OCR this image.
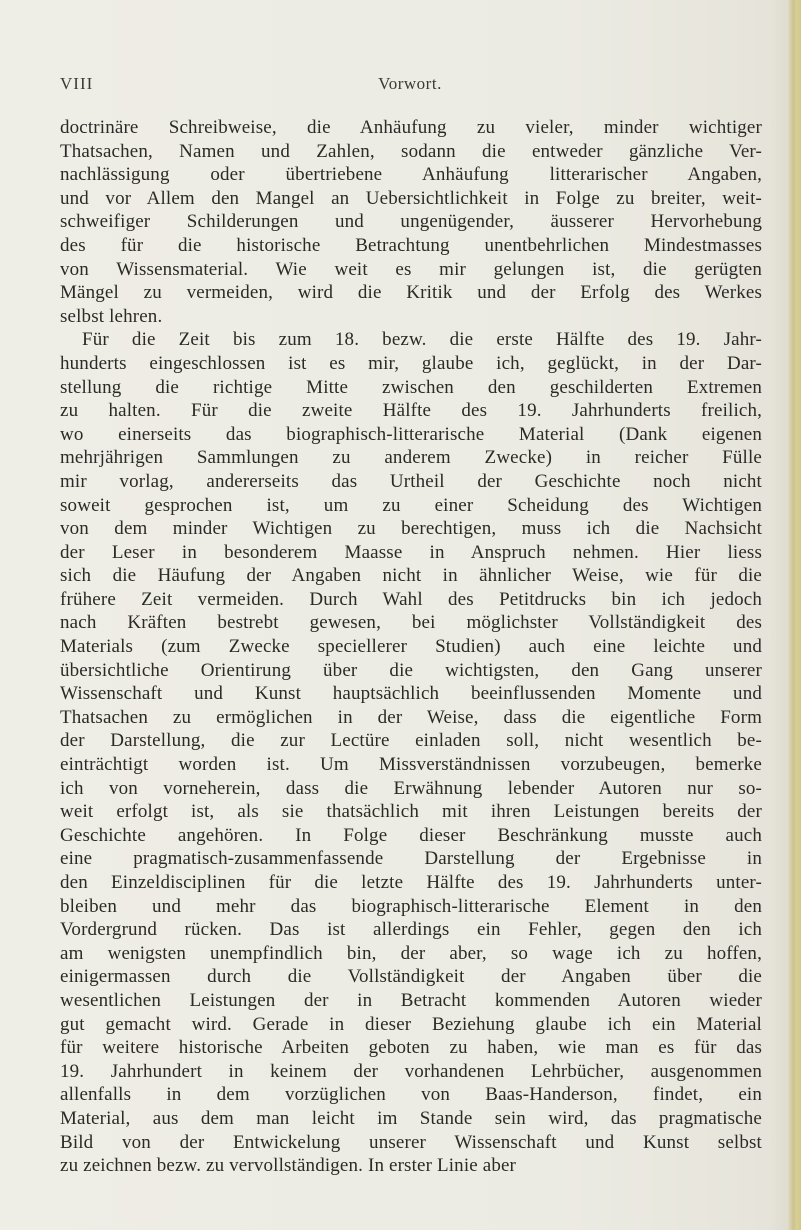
Vorwort.
VIII
doctrinäre Schreibweise, die Anhäufung zu vieler, minder wichtiger
Thatsachen, Namen und Zahlen, sodann die entweder gänzliche Ver-
nachlässigung oder übertriebene Anhäufung litterarischer Angaben,
und vor Allem den Mangel an Uebersichtlichkeit in Folge zu breiter, weit-
schweifiger Schilderungen und ungenügender, äusserer Hervorhebung
des für die historische Betrachtung unentbehrlichen Mindestmasses
von Wissensmaterial. Wie weit es mir gelungen ist, die gerügten
Mängel zu vermeiden, wird die Kritik und der Erfolg des Werkes
selbst lehren.
Für die Zeit bis zum 18. bezw. die erste Hälfte des 19. Jahr-
hunderts eingeschlossen ist es mir, glaube ich, geglückt, in der Dar-
stellung die richtige Mitte zwischen den geschilderten Extremen
zu halten. Für die zweite Hälfte des 19. Jahrhunderts freilich,
wo einerseits das biographisch-litterarische Material (Dank eigenen
mehrjährigen Sammlungen zu anderem Zwecke) in reicher Fülle
mir vorlag, andererseits das Urtheil der Geschichte noch nicht
soweit gesprochen ist, um zu einer Scheidung des Wichtigen
von dem minder Wichtigen zu berechtigen, muss ich die Nachsicht
der Leser in besonderem Maasse in Anspruch nehmen. Hier liess
sich die Häufung der Angaben nicht in ähnlicher Weise, wie für die
frühere Zeit vermeiden. Durch Wahl des Petitdrucks bin ich jedoch
nach Kräften bestrebt gewesen, bei möglichster Vollständigkeit des
Materials (zum Zwecke speciellerer Studien) auch eine leichte und
übersichtliche Orientirung über die wichtigsten, den Gang unserer
Wissenschaft und Kunst hauptsächlich beeinflussenden Momente und
Thatsachen zu ermöglichen in der Weise, dass die eigentliche Form
der Darstellung, die zur Lectüre einladen soll, nicht wesentlich be-
einträchtigt worden ist. Um Missverständnissen vorzubeugen, bemerke
ich von vorneherein, dass die Erwähnung lebender Autoren nur so-
weit erfolgt ist, als sie thatsächlich mit ihren Leistungen bereits der
Geschichte angehören. In Folge dieser Beschränkung musste auch
eine pragmatisch-zusammenfassende Darstellung der Ergebnisse in
den Einzeldisciplinen für die letzte Hälfte des 19. Jahrhunderts unter-
bleiben und mehr das biographisch-litterarische Element in den
Vordergrund rücken. Das ist allerdings ein Fehler, gegen den ich
am wenigsten unempfindlich bin, der aber, so wage ich zu hoffen,
einigermassen durch die Vollständigkeit der Angaben über die
wesentlichen Leistungen der in Betracht kommenden Autoren wieder
gut gemacht wird. Gerade in dieser Beziehung glaube ich ein Material
für weitere historische Arbeiten geboten zu haben, wie man es für das
19. Jahrhundert in keinem der vorhandenen Lehrbücher, ausgenommen
allenfalls in dem vorzüglichen von Baas-Handerson, findet, ein
Material, aus dem man leicht im Stande sein wird, das pragmatische
Bild von der Entwickelung unserer Wissenschaft und Kunst selbst
zu zeichnen bezw. zu vervollständigen. In erster Linie aber
